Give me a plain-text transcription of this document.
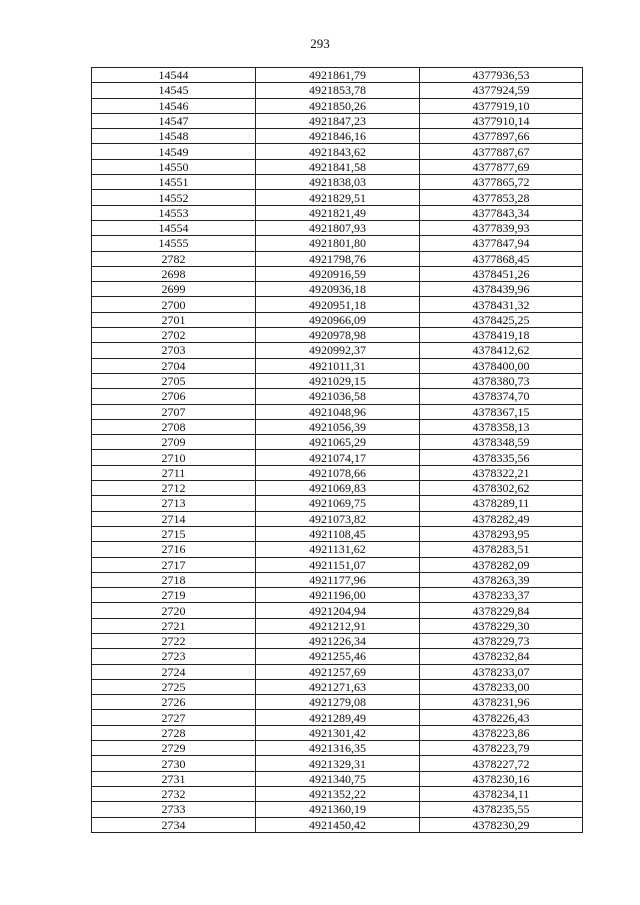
293
14544	4921861,79	4377936,53
14545	4921853,78	4377924,59
14546	4921850,26	4377919,10
14547	4921847,23	4377910,14
14548	4921846,16	4377897,66
14549	4921843,62	4377887,67
14550	4921841,58	4377877,69
14551	4921838,03	4377865,72
14552	4921829,51	4377853,28
14553	4921821,49	4377843,34
14554	4921807,93	4377839,93
14555	4921801,80	4377847,94
2782	4921798,76	4377868,45
2698	4920916,59	4378451,26
2699	4920936,18	4378439,96
2700	4920951,18	4378431,32
2701	4920966,09	4378425,25
2702	4920978,98	4378419,18
2703	4920992,37	4378412,62
2704	4921011,31	4378400,00
2705	4921029,15	4378380,73
2706	4921036,58	4378374,70
2707	4921048,96	4378367,15
2708	4921056,39	4378358,13
2709	4921065,29	4378348,59
2710	4921074,17	4378335,56
2711	4921078,66	4378322,21
2712	4921069,83	4378302,62
2713	4921069,75	4378289,11
2714	4921073,82	4378282,49
2715	4921108,45	4378293,95
2716	4921131,62	4378283,51
2717	4921151,07	4378282,09
2718	4921177,96	4378263,39
2719	4921196,00	4378233,37
2720	4921204,94	4378229,84
2721	4921212,91	4378229,30
2722	4921226,34	4378229,73
2723	4921255,46	4378232,84
2724	4921257,69	4378233,07
2725	4921271,63	4378233,00
2726	4921279,08	4378231,96
2727	4921289,49	4378226,43
2728	4921301,42	4378223,86
2729	4921316,35	4378223,79
2730	4921329,31	4378227,72
2731	4921340,75	4378230,16
2732	4921352,22	4378234,11
2733	4921360,19	4378235,55
2734	4921450,42	4378230,29
